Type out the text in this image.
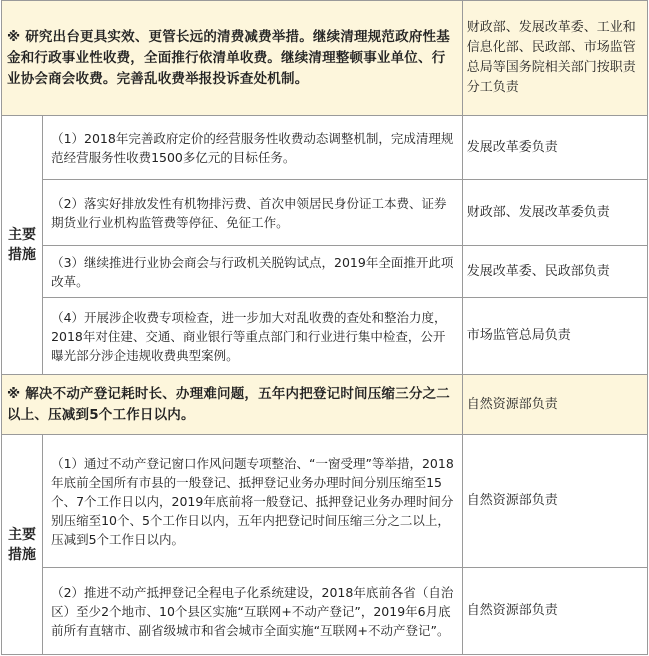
※ 研究出台更具实效、更管长远的清费减费举措。继续清理规范政府性基金和行政事业性收费，全面推行依清单收费。继续清理整顿事业单位、行业协会商会收费。完善乱收费举报投诉查处机制。		财政部、发展改革委、工业和信息化部、民政部、市场监管总局等国务院相关部门按职责分工负责

主要措施	（1）2018年完善政府定价的经营服务性收费动态调整机制，完成清理规范经营服务性收费1500多亿元的目标任务。	发展改革委负责

	（2）落实好排放发性有机物排污费、首次申领居民身份证工本费、证券期货业行业机构监管费等停征、免征工作。	财政部、发展改革委负责

	（3）继续推进行业协会商会与行政机关脱钩试点，2019年全面推开此项改革。	发展改革委、民政部负责

	（4）开展涉企收费专项检查，进一步加大对乱收费的查处和整治力度，2018年对住建、交通、商业银行等重点部门和行业进行集中检查，公开曝光部分涉企违规收费典型案例。	市场监管总局负责

※ 解决不动产登记耗时长、办理难问题，五年内把登记时间压缩三分之二以上、压减到5个工作日以内。		自然资源部负责

主要措施	（1）通过不动产登记窗口作风问题专项整治、“一窗受理”等举措，2018年底前全国所有市县的一般登记、抵押登记业务办理时间分别压缩至15个、7个工作日以内，2019年底前将一般登记、抵押登记业务办理时间分别压缩至10个、5个工作日以内，五年内把登记时间压缩三分之二以上，压减到5个工作日以内。	自然资源部负责

	（2）推进不动产抵押登记全程电子化系统建设，2018年底前各省（自治区）至少2个地市、10个县区实施“互联网+不动产登记”，2019年6月底前所有直辖市、副省级城市和省会城市全面实施“互联网+不动产登记”。	自然资源部负责
